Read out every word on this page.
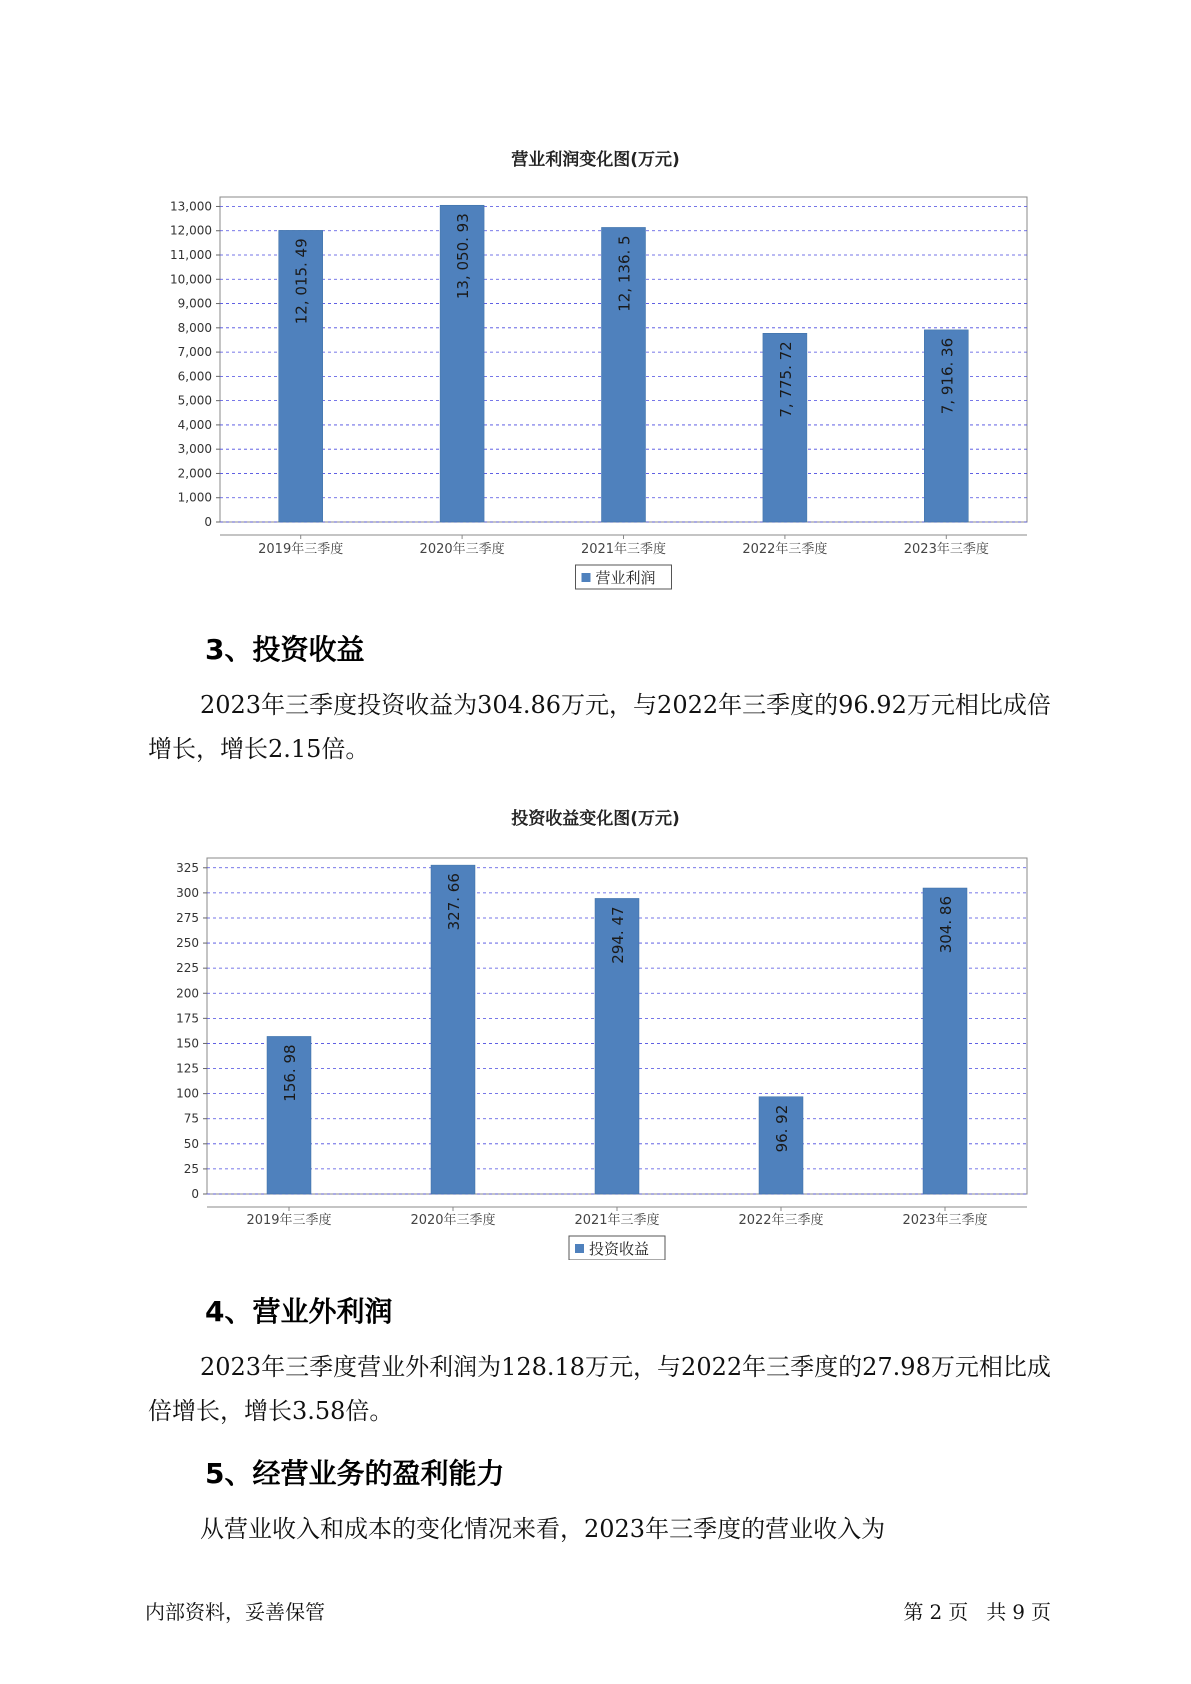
营业利润变化图(万元)
0
1,000
2,000
3,000
4,000
5,000
6,000
7,000
8,000
9,000
10,000
11,000
12,000
13,000
2019年三季度
12, 015. 49
2020年三季度
13, 050. 93
2021年三季度
12, 136. 5
2022年三季度
7, 775. 72
2023年三季度
7, 916. 36
营业利润
3、投资收益

2023年三季度投资收益为304.86万元，与2022年三季度的96.92万元相比成倍增长，增长2.15倍。

投资收益变化图(万元)
0
25
50
75
100
125
150
175
200
225
250
275
300
325
2019年三季度
156. 98
2020年三季度
327. 66
2021年三季度
294. 47
2022年三季度
96. 92
2023年三季度
304. 86
投资收益
4、营业外利润

2023年三季度营业外利润为128.18万元，与2022年三季度的27.98万元相比成倍增长，增长3.58倍。

5、经营业务的盈利能力

从营业收入和成本的变化情况来看，2023年三季度的营业收入为

内部资料，妥善保管	第 2 页 共 9 页
